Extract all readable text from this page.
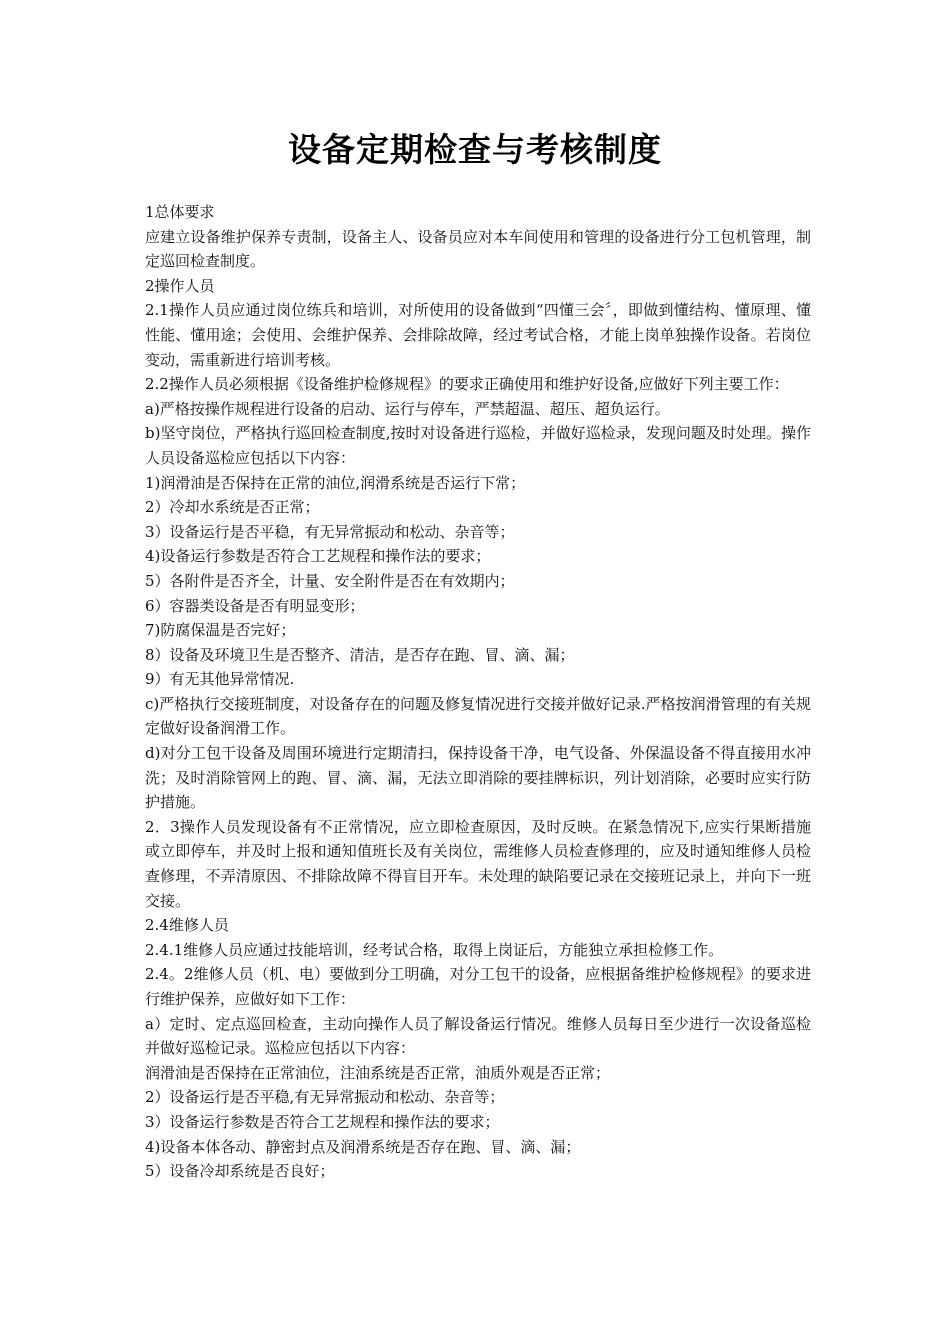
设备定期检查与考核制度

1总体要求

应建立设备维护保养专责制，设备主人、设备员应对本车间使用和管理的设备进行分工包机管理，制定巡回检查制度。

2操作人员

2.1操作人员应通过岗位练兵和培训，对所使用的设备做到“四懂三会〞，即做到懂结构、懂原理、懂性能、懂用途；会使用、会维护保养、会排除故障，经过考试合格，才能上岗单独操作设备。若岗位变动，需重新进行培训考核。

2.2操作人员必须根据《设备维护检修规程》的要求正确使用和维护好设备,应做好下列主要工作：

a)严格按操作规程进行设备的启动、运行与停车，严禁超温、超压、超负运行。

b)坚守岗位，严格执行巡回检查制度,按时对设备进行巡检，并做好巡检录，发现问题及时处理。操作人员设备巡检应包括以下内容：

1)润滑油是否保持在正常的油位,润滑系统是否运行下常；

2）冷却水系统是否正常；

3）设备运行是否平稳，有无异常振动和松动、杂音等；

4)设备运行参数是否符合工艺规程和操作法的要求；

5）各附件是否齐全，计量、安全附件是否在有效期内；

6）容器类设备是否有明显变形；

7)防腐保温是否完好；

8）设备及环境卫生是否整齐、清洁，是否存在跑、冒、滴、漏；

9）有无其他异常情况.

c)严格执行交接班制度，对设备存在的问题及修复情况进行交接并做好记录.严格按润滑管理的有关规定做好设备润滑工作。

d)对分工包干设备及周围环境进行定期清扫，保持设备干净，电气设备、外保温设备不得直接用水冲洗；及时消除管网上的跑、冒、滴、漏，无法立即消除的要挂牌标识，列计划消除，必要时应实行防护措施。

2．3操作人员发现设备有不正常情况，应立即检查原因，及时反映。在紧急情况下,应实行果断措施或立即停车，并及时上报和通知值班长及有关岗位，需维修人员检查修理的，应及时通知维修人员检查修理，不弄清原因、不排除故障不得盲目开车。未处理的缺陷要记录在交接班记录上，并向下一班交接。

2.4维修人员

2.4.1维修人员应通过技能培训，经考试合格，取得上岗证后，方能独立承担检修工作。

2.4。2维修人员（机、电）要做到分工明确，对分工包干的设备，应根据备维护检修规程》的要求进行维护保养，应做好如下工作：

a）定时、定点巡回检查，主动向操作人员了解设备运行情况。维修人员每日至少进行一次设备巡检并做好巡检记录。巡检应包括以下内容：

润滑油是否保持在正常油位，注油系统是否正常，油质外观是否正常；

2）设备运行是否平稳,有无异常振动和松动、杂音等；

3）设备运行参数是否符合工艺规程和操作法的要求；

4)设备本体各动、静密封点及润滑系统是否存在跑、冒、滴、漏；

5）设备冷却系统是否良好；
